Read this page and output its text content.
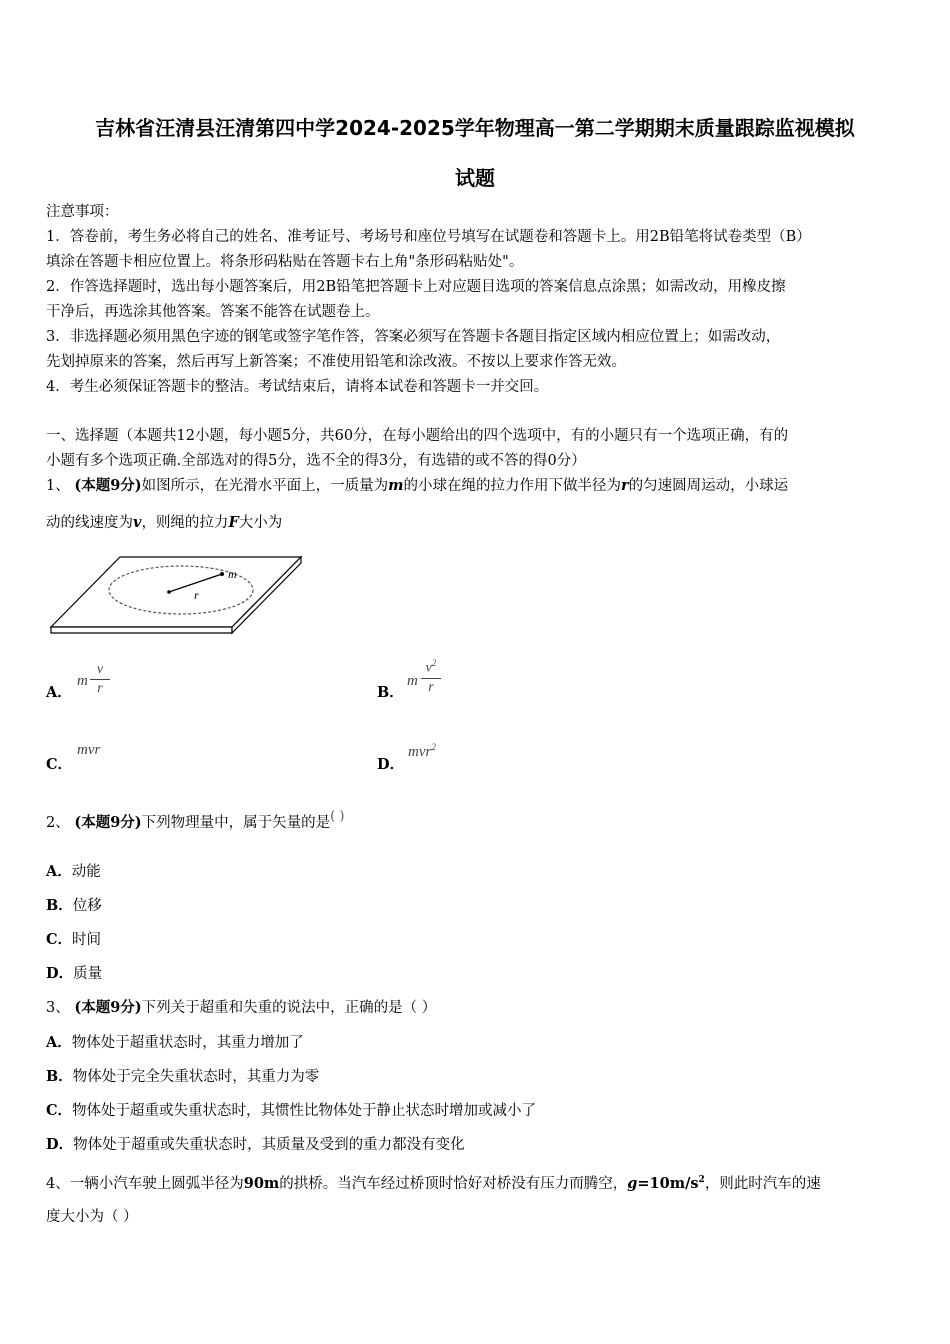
吉林省汪清县汪清第四中学2024-2025学年物理高一第二学期期末质量跟踪监视模拟
试题
注意事项：
1．答卷前，考生务必将自己的姓名、准考证号、考场号和座位号填写在试题卷和答题卡上。用2B铅笔将试卷类型（B）
填涂在答题卡相应位置上。将条形码粘贴在答题卡右上角"条形码粘贴处"。
2．作答选择题时，选出每小题答案后，用2B铅笔把答题卡上对应题目选项的答案信息点涂黑；如需改动，用橡皮擦
干净后，再选涂其他答案。答案不能答在试题卷上。
3．非选择题必须用黑色字迹的钢笔或签字笔作答，答案必须写在答题卡各题目指定区域内相应位置上；如需改动，
先划掉原来的答案，然后再写上新答案；不准使用铅笔和涂改液。不按以上要求作答无效。
4．考生必须保证答题卡的整洁。考试结束后，请将本试卷和答题卡一并交回。
一、选择题（本题共12小题，每小题5分，共60分，在每小题给出的四个选项中，有的小题只有一个选项正确，有的
小题有多个选项正确.全部选对的得5分，选不全的得3分，有选错的或不答的得0分）
1、 (本题9分)如图所示，在光滑水平面上，一质量为m的小球在绳的拉力作用下做半径为r的匀速圆周运动，小球运
动的线速度为v，则绳的拉力F大小为
m
r
A．
m
v
r	B．
m
$v^2$
r
C．
mvr
D．
mvr$^2$
2、 (本题9分)下列物理量中，属于矢量的是( )
A．动能
B．位移
C．时间
D．质量
3、 (本题9分)下列关于超重和失重的说法中，正确的是（ ）
A．物体处于超重状态时，其重力增加了
B．物体处于完全失重状态时，其重力为零
C．物体处于超重或失重状态时，其惯性比物体处于静止状态时增加或减小了
D．物体处于超重或失重状态时，其质量及受到的重力都没有变化
4、一辆小汽车驶上圆弧半径为90m的拱桥。当汽车经过桥顶时恰好对桥没有压力而腾空，$g=10m/s^2$，则此时汽车的速
度大小为（ ）
